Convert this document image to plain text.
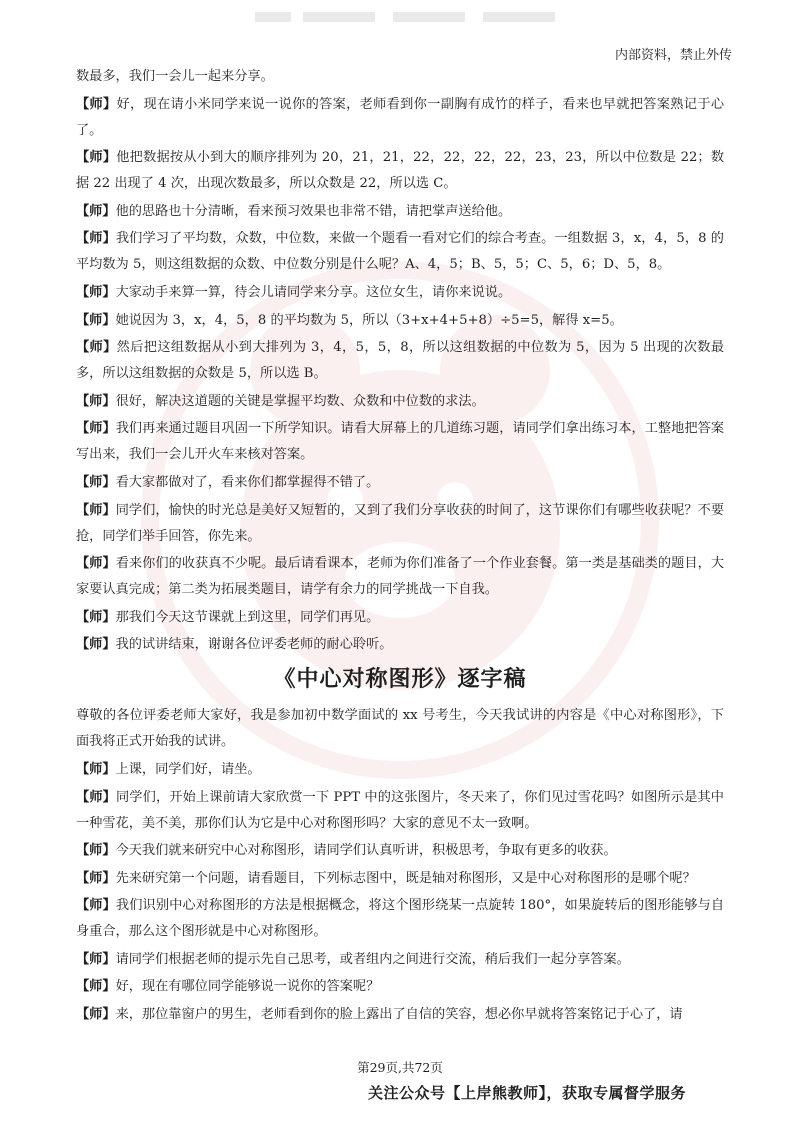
内部资料，禁止外传

数最多，我们一会儿一起来分享。

【师】好，现在请小米同学来说一说你的答案，老师看到你一副胸有成竹的样子，看来也早就把答案熟记于心了。

【师】他把数据按从小到大的顺序排列为 20，21，21，22，22，22，22，23，23，所以中位数是 22；数据 22 出现了 4 次，出现次数最多，所以众数是 22，所以选 C。

【师】他的思路也十分清晰，看来预习效果也非常不错，请把掌声送给他。

【师】我们学习了平均数，众数，中位数，来做一个题看一看对它们的综合考查。一组数据 3，x，4，5，8 的平均数为 5，则这组数据的众数、中位数分别是什么呢？A、4，5；B、5，5；C、5，6；D、5，8。

【师】大家动手来算一算，待会儿请同学来分享。这位女生，请你来说说。

【师】她说因为 3，x，4，5，8 的平均数为 5，所以（3+x+4+5+8）÷5=5，解得 x=5。

【师】然后把这组数据从小到大排列为 3，4，5，5，8，所以这组数据的中位数为 5，因为 5 出现的次数最多，所以这组数据的众数是 5，所以选 B。

【师】很好，解决这道题的关键是掌握平均数、众数和中位数的求法。

【师】我们再来通过题目巩固一下所学知识。请看大屏幕上的几道练习题，请同学们拿出练习本，工整地把答案写出来，我们一会儿开火车来核对答案。

【师】看大家都做对了，看来你们都掌握得不错了。

【师】同学们，愉快的时光总是美好又短暂的，又到了我们分享收获的时间了，这节课你们有哪些收获呢？不要抢，同学们举手回答，你先来。

【师】看来你们的收获真不少呢。最后请看课本，老师为你们准备了一个作业套餐。第一类是基础类的题目，大家要认真完成；第二类为拓展类题目，请学有余力的同学挑战一下自我。

【师】那我们今天这节课就上到这里，同学们再见。

【师】我的试讲结束，谢谢各位评委老师的耐心聆听。

《中心对称图形》逐字稿

尊敬的各位评委老师大家好，我是参加初中数学面试的 xx 号考生，今天我试讲的内容是《中心对称图形》，下面我将正式开始我的试讲。

【师】上课，同学们好，请坐。

【师】同学们，开始上课前请大家欣赏一下 PPT 中的这张图片，冬天来了，你们见过雪花吗？如图所示是其中一种雪花，美不美，那你们认为它是中心对称图形吗？大家的意见不太一致啊。

【师】今天我们就来研究中心对称图形，请同学们认真听讲，积极思考，争取有更多的收获。

【师】先来研究第一个问题，请看题目，下列标志图中，既是轴对称图形，又是中心对称图形的是哪个呢？

【师】我们识别中心对称图形的方法是根据概念，将这个图形绕某一点旋转 180°，如果旋转后的图形能够与自身重合，那么这个图形就是中心对称图形。

【师】请同学们根据老师的提示先自己思考，或者组内之间进行交流，稍后我们一起分享答案。

【师】好，现在有哪位同学能够说一说你的答案呢？

【师】来，那位靠窗户的男生，老师看到你的脸上露出了自信的笑容，想必你早就将答案铭记于心了，请

第29页,共72页
关注公众号【上岸熊教师】，获取专属督学服务
